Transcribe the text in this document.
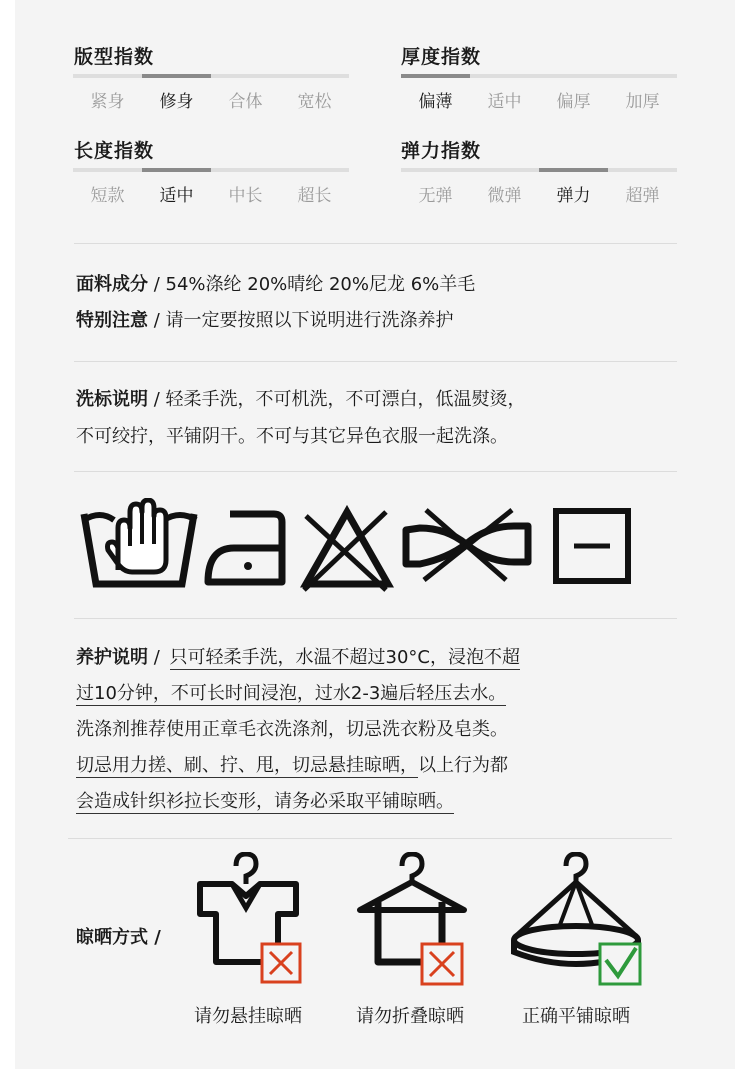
版型指数
紧身	修身	合体	宽松
厚度指数
偏薄	适中	偏厚	加厚
长度指数
短款	适中	中长	超长
弹力指数
无弹	微弹	弹力	超弹
面料成分 / 54%涤纶 20%晴纶 20%尼龙 6%羊毛
特别注意 / 请一定要按照以下说明进行洗涤养护
洗标说明 / 轻柔手洗，不可机洗，不可漂白，低温熨烫，
不可绞拧，平铺阴干。不可与其它异色衣服一起洗涤。
养护说明 / 只可轻柔手洗，水温不超过30°C，浸泡不超
过10分钟，不可长时间浸泡，过水2-3遍后轻压去水。
洗涤剂推荐使用正章毛衣洗涤剂，切忌洗衣粉及皂类。
切忌用力搓、刷、拧、甩，切忌悬挂晾晒，以上行为都
会造成针织衫拉长变形，请务必采取平铺晾晒。
晾晒方式 /
请勿悬挂晾晒	请勿折叠晾晒	正确平铺晾晒
